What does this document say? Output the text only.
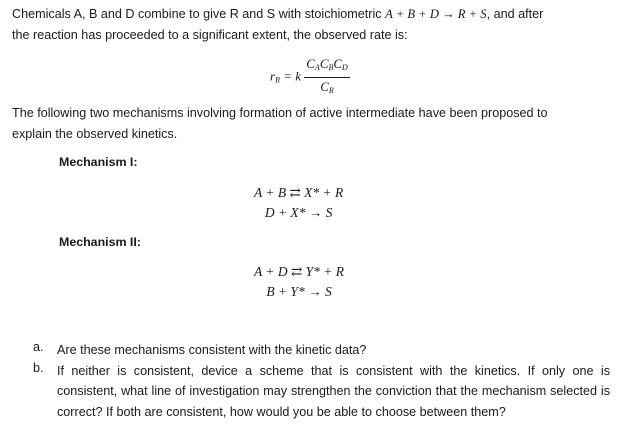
Chemicals A, B and D combine to give R and S with stoichiometric A + B + D → R + S, and after
the reaction has proceeded to a significant extent, the observed rate is:
$r_R = k \frac{C_AC_BC_D}{C_R}$
The following two mechanisms involving formation of active intermediate have been proposed to
explain the observed kinetics.
Mechanism I:
A + B ⇄ X* + R
D + X* → S
Mechanism II:
A + D ⇄ Y* + R
B + Y* → S
a.	Are these mechanisms consistent with the kinetic data?
b.	If neither is consistent, device a scheme that is consistent with the kinetics. If only one is consistent, what line of investigation may strengthen the conviction that the mechanism selected is correct? If both are consistent, how would you be able to choose between them?
